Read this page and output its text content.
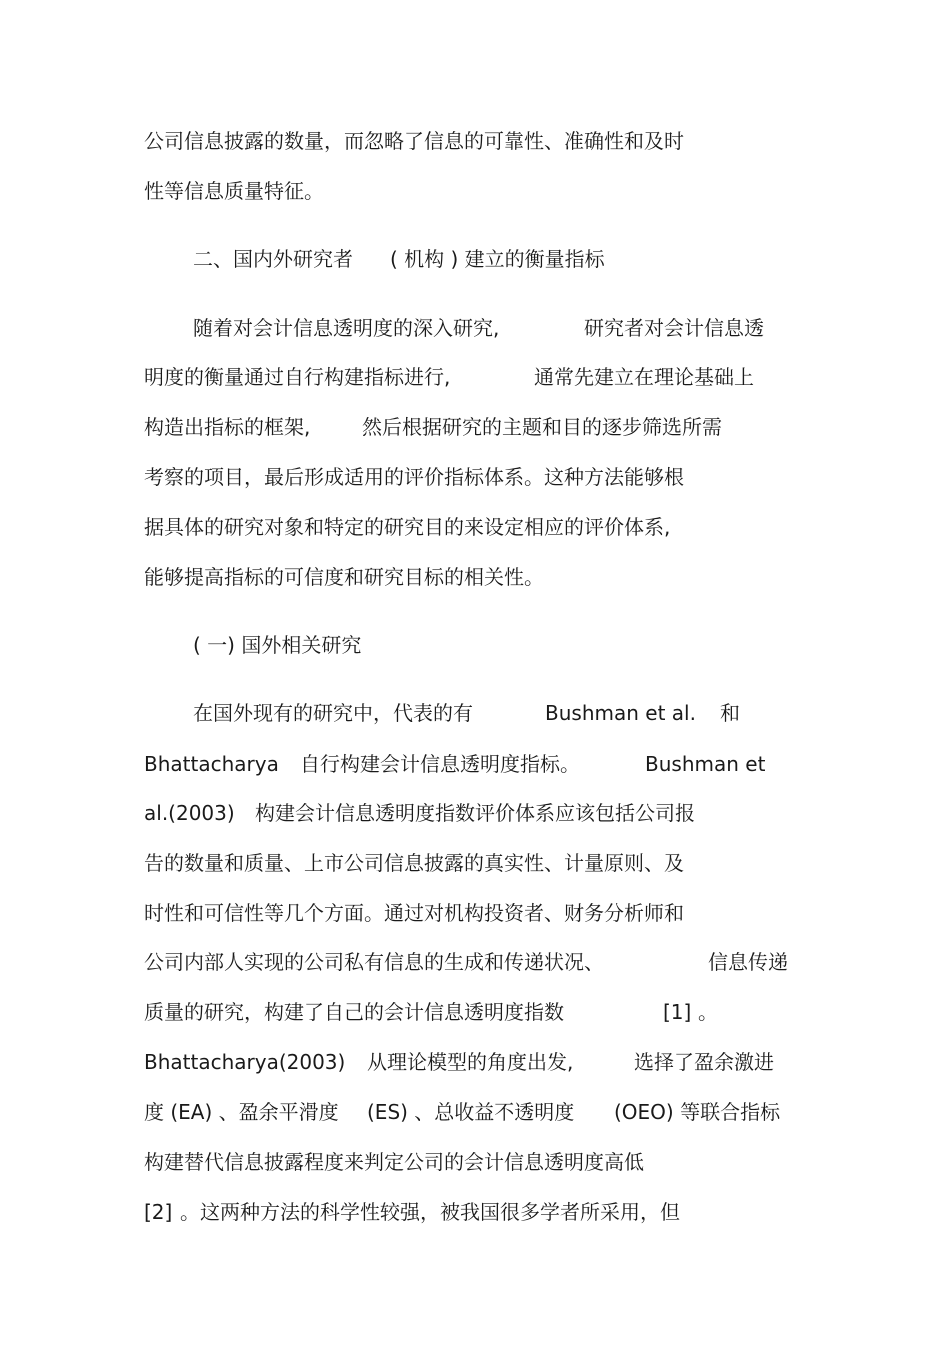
公司信息披露的数量，而忽略了信息的可靠性、准确性和及时
性等信息质量特征。
二、国内外研究者 ( 机构 ) 建立的衡量指标
随着对会计信息透明度的深入研究,	研究者对会计信息透
明度的衡量通过自行构建指标进行,	通常先建立在理论基础上
构造出指标的框架,	然后根据研究的主题和目的逐步筛选所需
考察的项目，最后形成适用的评价指标体系。这种方法能够根
据具体的研究对象和特定的研究目的来设定相应的评价体系,
能够提高指标的可信度和研究目标的相关性。
( 一) 国外相关研究
在国外现有的研究中，代表的有	Bushman et al. 和
Bhattacharya 自行构建会计信息透明度指标。	Bushman et
al.(2003) 构建会计信息透明度指数评价体系应该包括公司报
告的数量和质量、上市公司信息披露的真实性、计量原则、及
时性和可信性等几个方面。通过对机构投资者、财务分析师和
公司内部人实现的公司私有信息的生成和传递状况、	信息传递
质量的研究，构建了自己的会计信息透明度指数	[1] 。
Bhattacharya(2003) 从理论模型的角度出发,	选择了盈余激进
度 (EA) 、盈余平滑度 (ES) 、总收益不透明度 (OEO) 等联合指标
构建替代信息披露程度来判定公司的会计信息透明度高低
[2] 。这两种方法的科学性较强，被我国很多学者所采用，但
